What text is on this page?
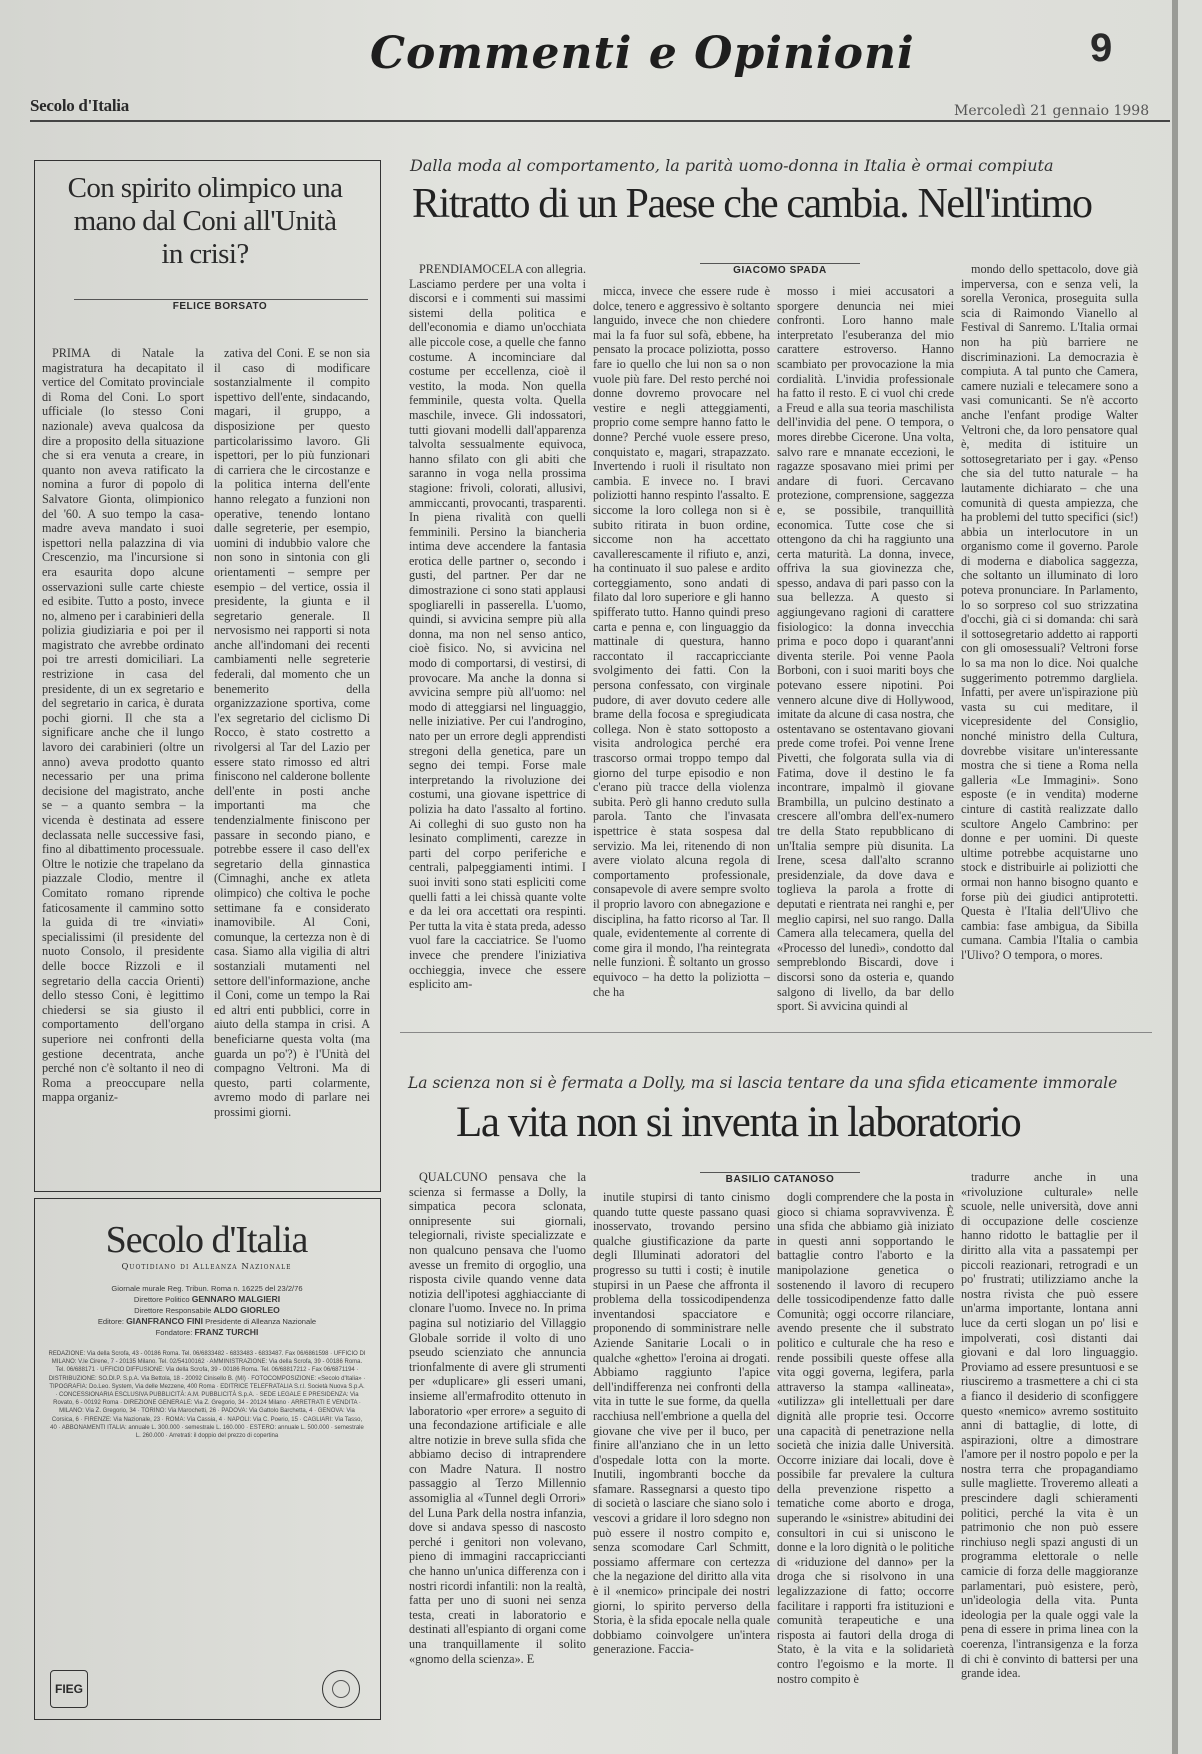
Secolo d'Italia
Commenti e Opinioni	9
Mercoledì 21 gennaio 1998
Con spirito olimpico una mano dal Coni all'Unità in crisi?
FELICE BORSATO

PRIMA di Natale la magistratura ha decapitato il vertice del Comitato provinciale di Roma del Coni. Lo sport ufficiale (lo stesso Coni nazionale) aveva qualcosa da dire a proposito della situazione che si era venuta a creare, in quanto non aveva ratificato la nomina a furor di popolo di Salvatore Gionta, olimpionico del '60. A suo tempo la casa-madre aveva mandato i suoi ispettori nella palazzina di via Crescenzio, ma l'incursione si era esaurita dopo alcune osservazioni sulle carte chieste ed esibite. Tutto a posto, invece no, almeno per i carabinieri della polizia giudiziaria e poi per il magistrato che avrebbe ordinato poi tre arresti domiciliari. La restrizione in casa del presidente, di un ex segretario e del segretario in carica, è durata pochi giorni. Il che sta a significare anche che il lungo lavoro dei carabinieri (oltre un anno) aveva prodotto quanto necessario per una prima decisione del magistrato, anche se – a quanto sembra – la vicenda è destinata ad essere declassata nelle successive fasi, fino al dibattimento processuale. Oltre le notizie che trapelano da piazzale Clodio, mentre il Comitato romano riprende faticosamente il cammino sotto la guida di tre «inviati» specialissimi (il presidente del nuoto Consolo, il presidente delle bocce Rizzoli e il segretario della caccia Orienti) dello stesso Coni, è legittimo chiedersi se sia giusto il comportamento dell'organo superiore nei confronti della gestione decentrata, anche perché non c'è soltanto il neo di Roma a preoccupare nella mappa organiz-

zativa del Coni. E se non sia il caso di modificare sostanzialmente il compito ispettivo dell'ente, sindacando, magari, il gruppo, a disposizione per questo particolarissimo lavoro. Gli ispettori, per lo più funzionari di carriera che le circostanze e la politica interna dell'ente hanno relegato a funzioni non operative, tenendo lontano dalle segreterie, per esempio, uomini di indubbio valore che non sono in sintonia con gli orientamenti – sempre per esempio – del vertice, ossia il presidente, la giunta e il segretario generale. Il nervosismo nei rapporti si nota anche all'indomani dei recenti cambiamenti nelle segreterie federali, dal momento che un benemerito della organizzazione sportiva, come l'ex segretario del ciclismo Di Rocco, è stato costretto a rivolgersi al Tar del Lazio per essere stato rimosso ed altri finiscono nel calderone bollente dell'ente in posti anche importanti ma che tendenzialmente finiscono per passare in secondo piano, e potrebbe essere il caso dell'ex segretario della ginnastica (Cimnaghi, anche ex atleta olimpico) che coltiva le poche settimane fa e considerato inamovibile. Al Coni, comunque, la certezza non è di casa. Siamo alla vigilia di altri sostanziali mutamenti nel settore dell'informazione, anche il Coni, come un tempo la Rai ed altri enti pubblici, corre in aiuto della stampa in crisi. A beneficiarne questa volta (ma guarda un po'?) è l'Unità del compagno Veltroni. Ma di questo, parti colarmente, avremo modo di parlare nei prossimi giorni.

Secolo d'Italia
Quotidiano di Alleanza Nazionale
Giornale murale Reg. Tribun. Roma n. 16225 del 23/2/76
Direttore Politico GENNARO MALGIERI
Direttore Responsabile ALDO GIORLEO
Editore: GIANFRANCO FINI Presidente di Alleanza Nazionale
Fondatore: FRANZ TURCHI
REDAZIONE: Via della Scrofa, 43 - 00186 Roma. Tel. 06/6833482 - 6833483 - 6833487. Fax 06/6861598 · UFFICIO DI MILANO: V.le Cirene, 7 - 20135 Milano. Tel. 02/54100162 · AMMINISTRAZIONE: Via della Scrofa, 39 - 00186 Roma. Tel. 06/688171 · UFFICIO DIFFUSIONE: Via della Scrofa, 39 - 00186 Roma. Tel. 06/68817212 - Fax 06/6871194 · DISTRIBUZIONE: SO.DI.P. S.p.A. Via Bettola, 18 - 20092 Cinisello B. (MI) · FOTOCOMPOSIZIONE: «Secolo d'Italia» · TIPOGRAFIA: Do.Leo. System, Via delle Mezzene, 400 Roma · EDITRICE TELEFRATALIA S.r.l. Società Nuova S.p.A. · CONCESSIONARIA ESCLUSIVA PUBBLICITÀ: A.M. PUBBLICITÀ S.p.A. · SEDE LEGALE E PRESIDENZA: Via Rovato, 6 - 00192 Roma · DIREZIONE GENERALE: Via Z. Gregorio, 34 - 20124 Milano · ARRETRATI E VENDITA · MILANO: Via Z. Gregorio, 34 · TORINO: Via Marochetti, 26 · PADOVA: Via Gattolo Barchetta, 4 · GENOVA: Via Corsica, 6 · FIRENZE: Via Nazionale, 23 · ROMA: Via Cassia, 4 · NAPOLI: Via C. Poerio, 15 · CAGLIARI: Via Tasso, 40 · ABBONAMENTI ITALIA: annuale L. 300.000 · semestrale L. 160.000 · ESTERO: annuale L. 500.000 · semestrale L. 260.000 · Arretrati: il doppio del prezzo di copertina
FIEG
Dalla moda al comportamento, la parità uomo-donna in Italia è ormai compiuta
Ritratto di un Paese che cambia. Nell'intimo
GIACOMO SPADA

PRENDIAMOCELA con allegria. Lasciamo perdere per una volta i discorsi e i commenti sui massimi sistemi della politica e dell'economia e diamo un'occhiata alle piccole cose, a quelle che fanno costume. A incominciare dal costume per eccellenza, cioè il vestito, la moda. Non quella femminile, questa volta. Quella maschile, invece. Gli indossatori, tutti giovani modelli dall'apparenza talvolta sessualmente equivoca, hanno sfilato con gli abiti che saranno in voga nella prossima stagione: frivoli, colorati, allusivi, ammiccanti, provocanti, trasparenti. In piena rivalità con quelli femminili. Persino la biancheria intima deve accendere la fantasia erotica delle partner o, secondo i gusti, del partner. Per dar ne dimostrazione ci sono stati applausi spogliarelli in passerella. L'uomo, quindi, si avvicina sempre più alla donna, ma non nel senso antico, cioè fisico. No, si avvicina nel modo di comportarsi, di vestirsi, di provocare. Ma anche la donna si avvicina sempre più all'uomo: nel modo di atteggiarsi nel linguaggio, nelle iniziative. Per cui l'androgino, nato per un errore degli apprendisti stregoni della genetica, pare un segno dei tempi. Forse male interpretando la rivoluzione dei costumi, una giovane ispettrice di polizia ha dato l'assalto al fortino. Ai colleghi di suo gusto non ha lesinato complimenti, carezze in parti del corpo periferiche e centrali, palpeggiamenti intimi. I suoi inviti sono stati espliciti come quelli fatti a lei chissà quante volte e da lei ora accettati ora respinti. Per tutta la vita è stata preda, adesso vuol fare la cacciatrice. Se l'uomo invece che prendere l'iniziativa occhieggia, invece che essere esplicito am-

micca, invece che essere rude è dolce, tenero e aggressivo è soltanto languido, invece che non chiedere mai la fa fuor sul sofà, ebbene, ha pensato la procace poliziotta, posso fare io quello che lui non sa o non vuole più fare. Del resto perché noi donne dovremo provocare nel vestire e negli atteggiamenti, proprio come sempre hanno fatto le donne? Perché vuole essere preso, conquistato e, magari, strapazzato. Invertendo i ruoli il risultato non cambia. E invece no. I bravi poliziotti hanno respinto l'assalto. E siccome la loro collega non si è subito ritirata in buon ordine, siccome non ha accettato cavallerescamente il rifiuto e, anzi, ha continuato il suo palese e ardito corteggiamento, sono andati di filato dal loro superiore e gli hanno spifferato tutto. Hanno quindi preso carta e penna e, con linguaggio da mattinale di questura, hanno raccontato il raccapricciante svolgimento dei fatti. Con la persona confessato, con virginale pudore, di aver dovuto cedere alle brame della focosa e spregiudicata collega. Non è stato sottoposto a visita andrologica perché era trascorso ormai troppo tempo dal giorno del turpe episodio e non c'erano più tracce della violenza subita. Però gli hanno creduto sulla parola. Tanto che l'invasata ispettrice è stata sospesa dal servizio. Ma lei, ritenendo di non avere violato alcuna regola di comportamento professionale, consapevole di avere sempre svolto il proprio lavoro con abnegazione e disciplina, ha fatto ricorso al Tar. Il quale, evidentemente al corrente di come gira il mondo, l'ha reintegrata nelle funzioni. È soltanto un grosso equivoco – ha detto la poliziotta – che ha

mosso i miei accusatori a sporgere denuncia nei miei confronti. Loro hanno male interpretato l'esuberanza del mio carattere estroverso. Hanno scambiato per provocazione la mia cordialità. L'invidia professionale ha fatto il resto. E ci vuol chi crede a Freud e alla sua teoria maschilista dell'invidia del pene. O tempora, o mores direbbe Cicerone. Una volta, salvo rare e mnanate eccezioni, le ragazze sposavano miei primi per andare di fuori. Cercavano protezione, comprensione, saggezza e, se possibile, tranquillità economica. Tutte cose che si ottengono da chi ha raggiunto una certa maturità. La donna, invece, offriva la sua giovinezza che, spesso, andava di pari passo con la sua bellezza. A questo si aggiungevano ragioni di carattere fisiologico: la donna invecchia prima e poco dopo i quarant'anni diventa sterile. Poi venne Paola Borboni, con i suoi mariti boys che potevano essere nipotini. Poi vennero alcune dive di Hollywood, imitate da alcune di casa nostra, che ostentavano se ostentavano giovani prede come trofei. Poi venne Irene Pivetti, che folgorata sulla via di Fatima, dove il destino le fa incontrare, impalmò il giovane Brambilla, un pulcino destinato a crescere all'ombra dell'ex-numero tre della Stato repubblicano di un'Italia sempre più disunita. La Irene, scesa dall'alto scranno presidenziale, da dove dava e toglieva la parola a frotte di deputati e rientrata nei ranghi e, per meglio capirsi, nel suo rango. Dalla Camera alla telecamera, quella del «Processo del lunedì», condotto dal sempreblondo Biscardi, dove i discorsi sono da osteria e, quando salgono di livello, da bar dello sport. Si avvicina quindi al

mondo dello spettacolo, dove già imperversa, con e senza veli, la sorella Veronica, proseguita sulla scia di Raimondo Vianello al Festival di Sanremo. L'Italia ormai non ha più barriere ne discriminazioni. La democrazia è compiuta. A tal punto che Camera, camere nuziali e telecamere sono a vasi comunicanti. Se n'è accorto anche l'enfant prodige Walter Veltroni che, da loro pensatore qual è, medita di istituire un sottosegretariato per i gay. «Penso che sia del tutto naturale – ha lautamente dichiarato – che una comunità di questa ampiezza, che ha problemi del tutto specifici (sic!) abbia un interlocutore in un organismo come il governo. Parole di moderna e diabolica saggezza, che soltanto un illuminato di loro poteva pronunciare. In Parlamento, lo so sorpreso col suo strizzatina d'occhi, già ci si domanda: chi sarà il sottosegretario addetto ai rapporti con gli omosessuali? Veltroni forse lo sa ma non lo dice. Noi qualche suggerimento potremmo dargliela. Infatti, per avere un'ispirazione più vasta su cui meditare, il vicepresidente del Consiglio, nonché ministro della Cultura, dovrebbe visitare un'interessante mostra che si tiene a Roma nella galleria «Le Immagini». Sono esposte (e in vendita) moderne cinture di castità realizzate dallo scultore Angelo Cambrino: per donne e per uomini. Di queste ultime potrebbe acquistarne uno stock e distribuirle ai poliziotti che ormai non hanno bisogno quanto e forse più dei giudici antiprotetti. Questa è l'Italia dell'Ulivo che cambia: fase ambigua, da Sibilla cumana. Cambia l'Italia o cambia l'Ulivo? O tempora, o mores.

La scienza non si è fermata a Dolly, ma si lascia tentare da una sfida eticamente immorale
La vita non si inventa in laboratorio
BASILIO CATANOSO

QUALCUNO pensava che la scienza si fermasse a Dolly, la simpatica pecora sclonata, onnipresente sui giornali, telegiornali, riviste specializzate e non qualcuno pensava che l'uomo avesse un fremito di orgoglio, una risposta civile quando venne data notizia dell'ipotesi agghiacciante di clonare l'uomo. Invece no. In prima pagina sul notiziario del Villaggio Globale sorride il volto di uno pseudo scienziato che annuncia trionfalmente di avere gli strumenti per «duplicare» gli esseri umani, insieme all'ermafrodito ottenuto in laboratorio «per errore» a seguito di una fecondazione artificiale e alle altre notizie in breve sulla sfida che abbiamo deciso di intraprendere con Madre Natura. Il nostro passaggio al Terzo Millennio assomiglia al «Tunnel degli Orrori» del Luna Park della nostra infanzia, dove si andava spesso di nascosto perché i genitori non volevano, pieno di immagini raccapriccianti che hanno un'unica differenza con i nostri ricordi infantili: non la realtà, fatta per uno di suoni nei senza testa, creati in laboratorio e destinati all'espianto di organi come una tranquillamente il solito «gnomo della scienza». E

inutile stupirsi di tanto cinismo quando tutte queste passano quasi inosservato, trovando persino qualche giustificazione da parte degli Illuminati adoratori del progresso su tutti i costi; è inutile stupirsi in un Paese che affronta il problema della tossicodipendenza inventandosi spacciatore e proponendo di somministrare nelle Aziende Sanitarie Locali o in qualche «ghetto» l'eroina ai drogati. Abbiamo raggiunto l'apice dell'indifferenza nei confronti della vita in tutte le sue forme, da quella racchiusa nell'embrione a quella del giovane che vive per il buco, per finire all'anziano che in un letto d'ospedale lotta con la morte. Inutili, ingombranti bocche da sfamare. Rassegnarsi a questo tipo di società o lasciare che siano solo i vescovi a gridare il loro sdegno non può essere il nostro compito e, senza scomodare Carl Schmitt, possiamo affermare con certezza che la negazione del diritto alla vita è il «nemico» principale dei nostri giorni, lo spirito perverso della Storia, è la sfida epocale nella quale dobbiamo coinvolgere un'intera generazione. Faccia-

dogli comprendere che la posta in gioco si chiama sopravvivenza. È una sfida che abbiamo già iniziato in questi anni sopportando le battaglie contro l'aborto e la manipolazione genetica o sostenendo il lavoro di recupero delle tossicodipendenze fatto dalle Comunità; oggi occorre rilanciare, avendo presente che il substrato politico e culturale che ha reso e rende possibili queste offese alla vita oggi governa, legifera, parla attraverso la stampa «allineata», «utilizza» gli intellettuali per dare dignità alle proprie tesi. Occorre una capacità di penetrazione nella società che inizia dalle Università. Occorre iniziare dai locali, dove è possibile far prevalere la cultura della prevenzione rispetto a tematiche come aborto e droga, superando le «sinistre» abitudini dei consultori in cui si uniscono le donne e la loro dignità o le politiche di «riduzione del danno» per la droga che si risolvono in una legalizzazione di fatto; occorre facilitare i rapporti fra istituzioni e comunità terapeutiche e una risposta ai fautori della droga di Stato, è la vita e la solidarietà contro l'egoismo e la morte. Il nostro compito è

tradurre anche in una «rivoluzione culturale» nelle scuole, nelle università, dove anni di occupazione delle coscienze hanno ridotto le battaglie per il diritto alla vita a passatempi per piccoli reazionari, retrogradi e un po' frustrati; utilizziamo anche la nostra rivista che può essere un'arma importante, lontana anni luce da certi slogan un po' lisi e impolverati, così distanti dai giovani e dal loro linguaggio. Proviamo ad essere presuntuosi e se riusciremo a trasmettere a chi ci sta a fianco il desiderio di sconfiggere questo «nemico» avremo sostituito anni di battaglie, di lotte, di aspirazioni, oltre a dimostrare l'amore per il nostro popolo e per la nostra terra che propagandiamo sulle magliette. Troveremo alleati a prescindere dagli schieramenti politici, perché la vita è un patrimonio che non può essere rinchiuso negli spazi angusti di un programma elettorale o nelle camicie di forza delle maggioranze parlamentari, può esistere, però, un'ideologia della vita. Punta ideologia per la quale oggi vale la pena di essere in prima linea con la coerenza, l'intransigenza e la forza di chi è convinto di battersi per una grande idea.
